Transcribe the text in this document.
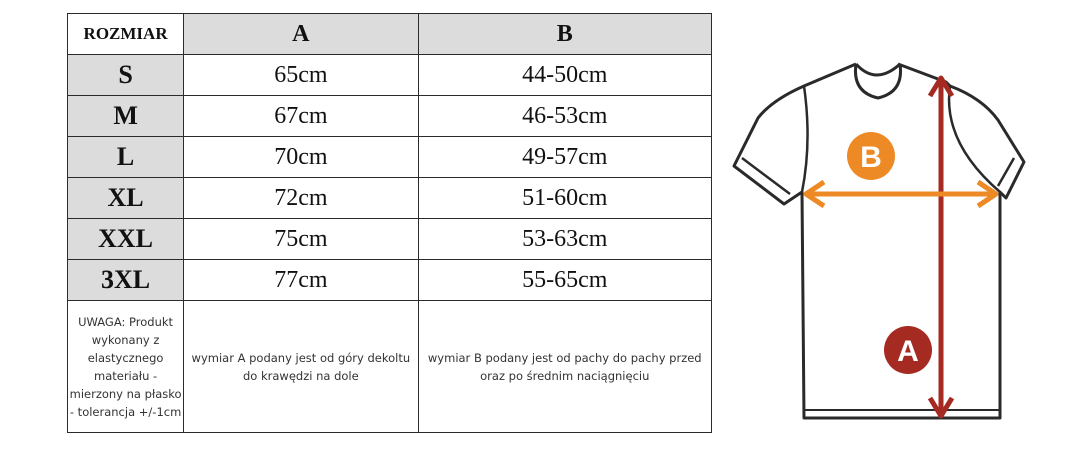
ROZMIAR	A	B
S	65cm	44-50cm
M	67cm	46-53cm
L	70cm	49-57cm
XL	72cm	51-60cm
XXL	75cm	53-63cm
3XL	77cm	55-65cm
UWAGA: Produkt wykonany z elastycznego materiału - mierzony na płasko - tolerancja +/-1cm	wymiar A podany jest od góry dekoltu do krawędzi na dole	wymiar B podany jest od pachy do pachy przed oraz po średnim naciągnięciu
B
A
